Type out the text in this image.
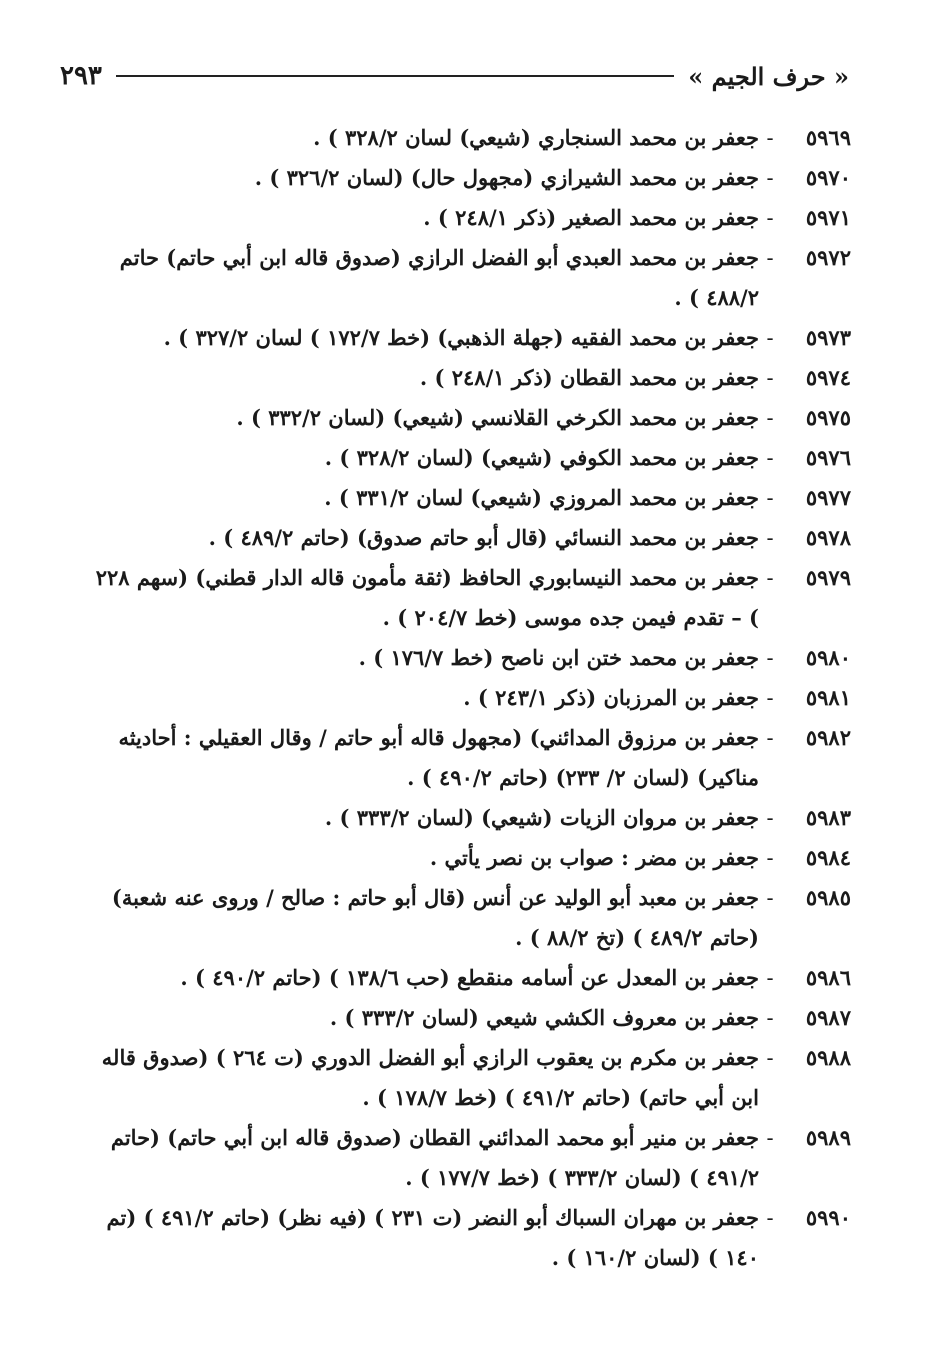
« حرف الجيم »
٢٩٣
٥٩٦٩
-
جعفر بن محمد السنجاري (شيعي) لسان ٣٢٨/٢ ) .
٥٩٧٠
-
جعفر بن محمد الشيرازي (مجهول حال) (لسان ٣٢٦/٢ ) .
٥٩٧١
-
جعفر بن محمد الصغير (ذكر ٢٤٨/١ ) .
٥٩٧٢
-
جعفر بن محمد العبدي أبو الفضل الرازي (صدوق قاله ابن أبي حاتم) حاتم ٤٨٨/٢ ) .
٥٩٧٣
-
جعفر بن محمد الفقيه (جهلة الذهبي) (خط ١٧٢/٧ ) لسان ٣٢٧/٢ ) .
٥٩٧٤
-
جعفر بن محمد القطان (ذكر ٢٤٨/١ ) .
٥٩٧٥
-
جعفر بن محمد الكرخي القلانسي (شيعي) (لسان ٣٣٢/٢ ) .
٥٩٧٦
-
جعفر بن محمد الكوفي (شيعي) (لسان ٣٢٨/٢ ) .
٥٩٧٧
-
جعفر بن محمد المروزي (شيعي) لسان ٣٣١/٢ ) .
٥٩٧٨
-
جعفر بن محمد النسائي (قال أبو حاتم صدوق) (حاتم ٤٨٩/٢ ) .
٥٩٧٩
-
جعفر بن محمد النيسابوري الحافظ (ثقة مأمون قاله الدار قطني) (سهم ٢٢٨ ) – تقدم فيمن جده موسى (خط ٢٠٤/٧ ) .
٥٩٨٠
-
جعفر بن محمد ختن ابن ناصح (خط ١٧٦/٧ ) .
٥٩٨١
-
جعفر بن المرزبان (ذكر ٢٤٣/١ ) .
٥٩٨٢
-
جعفر بن مرزوق المدائني) (مجهول قاله أبو حاتم / وقال العقيلي : أحاديثه مناكير) (لسان ٢/ ٢٣٣) (حاتم ٤٩٠/٢ ) .
٥٩٨٣
-
جعفر بن مروان الزيات (شيعي) (لسان ٣٣٣/٢ ) .
٥٩٨٤
-
جعفر بن مضر : صواب بن نصر يأتي .
٥٩٨٥
-
جعفر بن معبد أبو الوليد عن أنس (قال أبو حاتم : صالح / وروى عنه شعبة) (حاتم ٤٨٩/٢ ) (تخ ٨٨/٢ ) .
٥٩٨٦
-
جعفر بن المعدل عن أسامه منقطع (حب ١٣٨/٦ ) (حاتم ٤٩٠/٢ ) .
٥٩٨٧
-
جعفر بن معروف الكشي شيعي (لسان ٣٣٣/٢ ) .
٥٩٨٨
-
جعفر بن مكرم بن يعقوب الرازي أبو الفضل الدوري (ت ٢٦٤ ) (صدوق قاله ابن أبي حاتم) (حاتم ٤٩١/٢ ) (خط ١٧٨/٧ ) .
٥٩٨٩
-
جعفر بن منير أبو محمد المدائني القطان (صدوق قاله ابن أبي حاتم) (حاتم ٤٩١/٢ ) (لسان ٣٣٣/٢ ) (خط ١٧٧/٧ ) .
٥٩٩٠
-
جعفر بن مهران السباك أبو النضر (ت ٢٣١ ) (فيه نظر) (حاتم ٤٩١/٢ ) (تم ١٤٠ ) (لسان ١٦٠/٢ ) .
